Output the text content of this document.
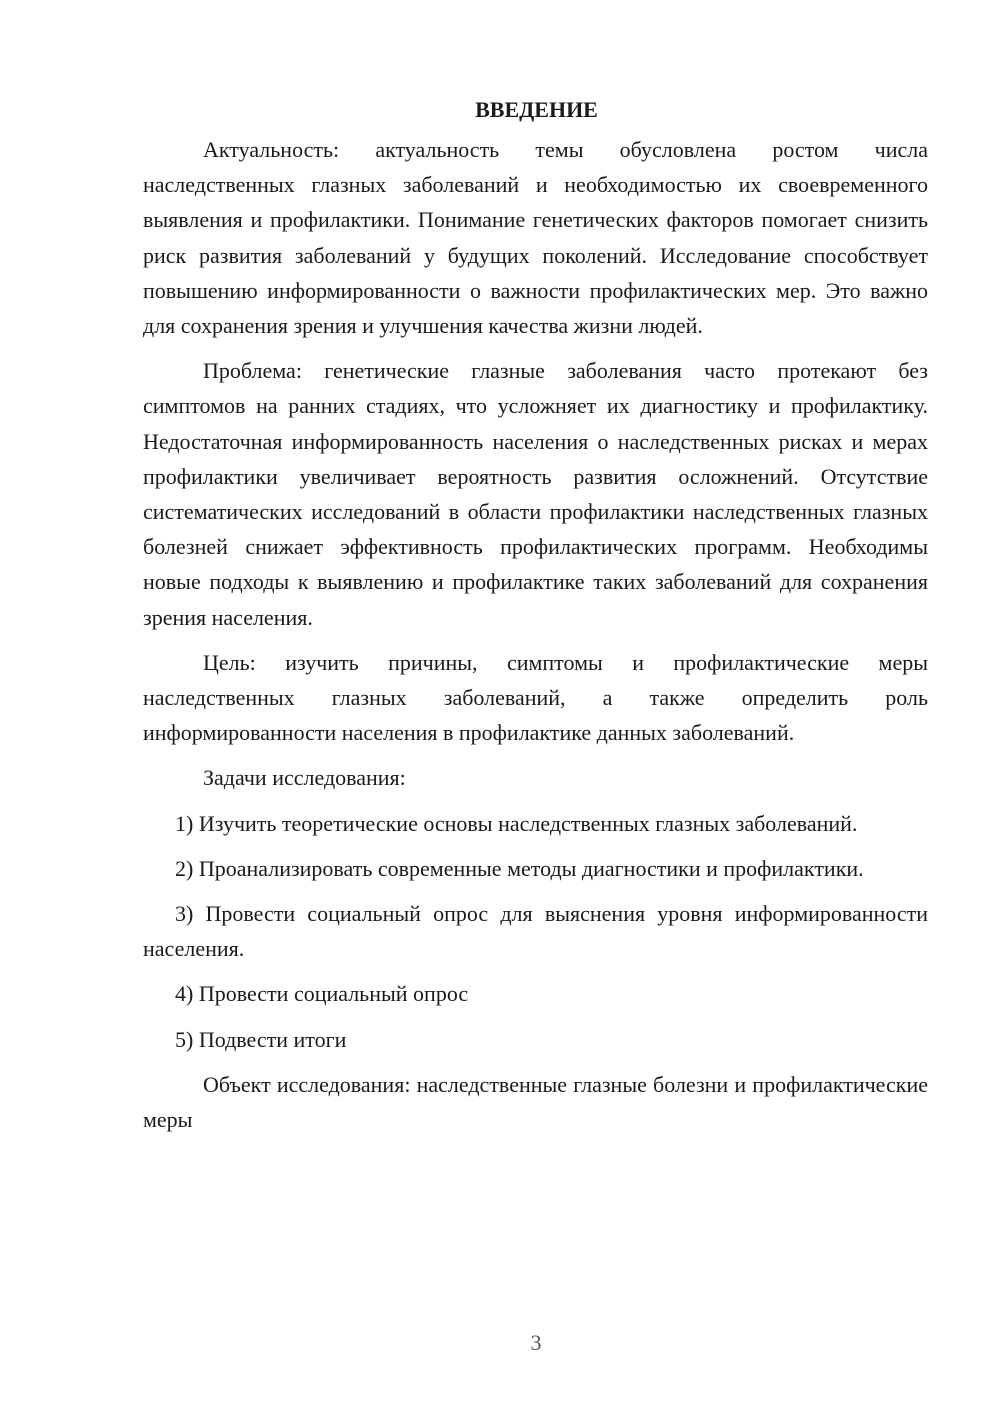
ВВЕДЕНИЕ

Актуальность: актуальность темы обусловлена ростом числа наследственных глазных заболеваний и необходимостью их своевременного выявления и профилактики. Понимание генетических факторов помогает снизить риск развития заболеваний у будущих поколений. Исследование способствует повышению информированности о важности профилактических мер. Это важно для сохранения зрения и улучшения качества жизни людей.

Проблема: генетические глазные заболевания часто протекают без симптомов на ранних стадиях, что усложняет их диагностику и профилактику. Недостаточная информированность населения о наследственных рисках и мерах профилактики увеличивает вероятность развития осложнений. Отсутствие систематических исследований в области профилактики наследственных глазных болезней снижает эффективность профилактических программ. Необходимы новые подходы к выявлению и профилактике таких заболеваний для сохранения зрения населения.

Цель: изучить причины, симптомы и профилактические меры наследственных глазных заболеваний, а также определить роль информированности населения в профилактике данных заболеваний.

Задачи исследования:

1) Изучить теоретические основы наследственных глазных заболеваний.

2) Проанализировать современные методы диагностики и профилактики.

3) Провести социальный опрос для выяснения уровня информированности населения.

4) Провести социальный опрос

5) Подвести итоги

Объект исследования: наследственные глазные болезни и профилактические меры

3
